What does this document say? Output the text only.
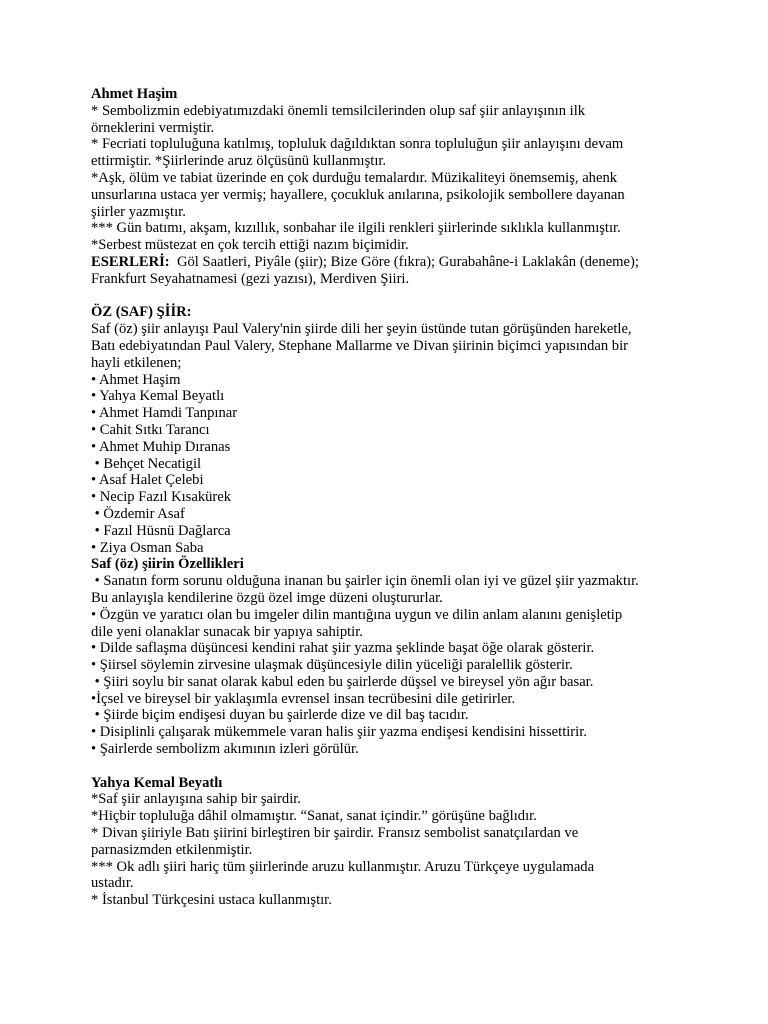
Ahmet Haşim

* Sembolizmin edebiyatımızdaki önemli temsilcilerinden olup saf şiir anlayışının ilk

örneklerini vermiştir.

* Fecriati topluluğuna katılmış, topluluk dağıldıktan sonra topluluğun şiir anlayışını devam

ettirmiştir. *Şiirlerinde aruz ölçüsünü kullanmıştır.

*Aşk, ölüm ve tabiat üzerinde en çok durduğu temalardır. Müzikaliteyi önemsemiş, ahenk

unsurlarına ustaca yer vermiş; hayallere, çocukluk anılarına, psikolojik sembollere dayanan

şiirler yazmıştır.

*** Gün batımı, akşam, kızıllık, sonbahar ile ilgili renkleri şiirlerinde sıklıkla kullanmıştır.

*Serbest müstezat en çok tercih ettiği nazım biçimidir.

ESERLERİ:  Göl Saatleri, Piyâle (şiir); Bize Göre (fıkra); Gurabahâne-i Laklakân (deneme);

Frankfurt Seyahatnamesi (gezi yazısı), Merdiven Şiiri.

ÖZ (SAF) ŞİİR:

Saf (öz) şiir anlayışı Paul Valery'nin şiirde dili her şeyin üstünde tutan görüşünden hareketle,

Batı edebiyatından Paul Valery, Stephane Mallarme ve Divan şiirinin biçimci yapısından bir

hayli etkilenen;

• Ahmet Haşim

• Yahya Kemal Beyatlı

• Ahmet Hamdi Tanpınar

• Cahit Sıtkı Tarancı

• Ahmet Muhip Dıranas

• Behçet Necatigil

• Asaf Halet Çelebi

• Necip Fazıl Kısakürek

• Özdemir Asaf

• Fazıl Hüsnü Dağlarca

• Ziya Osman Saba

Saf (öz) şiirin Özellikleri

• Sanatın form sorunu olduğuna inanan bu şairler için önemli olan iyi ve güzel şiir yazmaktır.

Bu anlayışla kendilerine özgü özel imge düzeni oluştururlar.

• Özgün ve yaratıcı olan bu imgeler dilin mantığına uygun ve dilin anlam alanını genişletip

dile yeni olanaklar sunacak bir yapıya sahiptir.

• Dilde saflaşma düşüncesi kendini rahat şiir yazma şeklinde başat öğe olarak gösterir.

• Şiirsel söylemin zirvesine ulaşmak düşüncesiyle dilin yüceliği paralellik gösterir.

• Şiiri soylu bir sanat olarak kabul eden bu şairlerde düşsel ve bireysel yön ağır basar.

•İçsel ve bireysel bir yaklaşımla evrensel insan tecrübesini dile getirirler.

• Şiirde biçim endişesi duyan bu şairlerde dize ve dil baş tacıdır.

• Disiplinli çalışarak mükemmele varan halis şiir yazma endişesi kendisini hissettirir.

• Şairlerde sembolizm akımının izleri görülür.

Yahya Kemal Beyatlı

*Saf şiir anlayışına sahip bir şairdir.

*Hiçbir topluluğa dâhil olmamıştır. “Sanat, sanat içindir.” görüşüne bağlıdır.

* Divan şiiriyle Batı şiirini birleştiren bir şairdir. Fransız sembolist sanatçılardan ve

parnasizmden etkilenmiştir.

*** Ok adlı şiiri hariç tüm şiirlerinde aruzu kullanmıştır. Aruzu Türkçeye uygulamada

ustadır.

* İstanbul Türkçesini ustaca kullanmıştır.
